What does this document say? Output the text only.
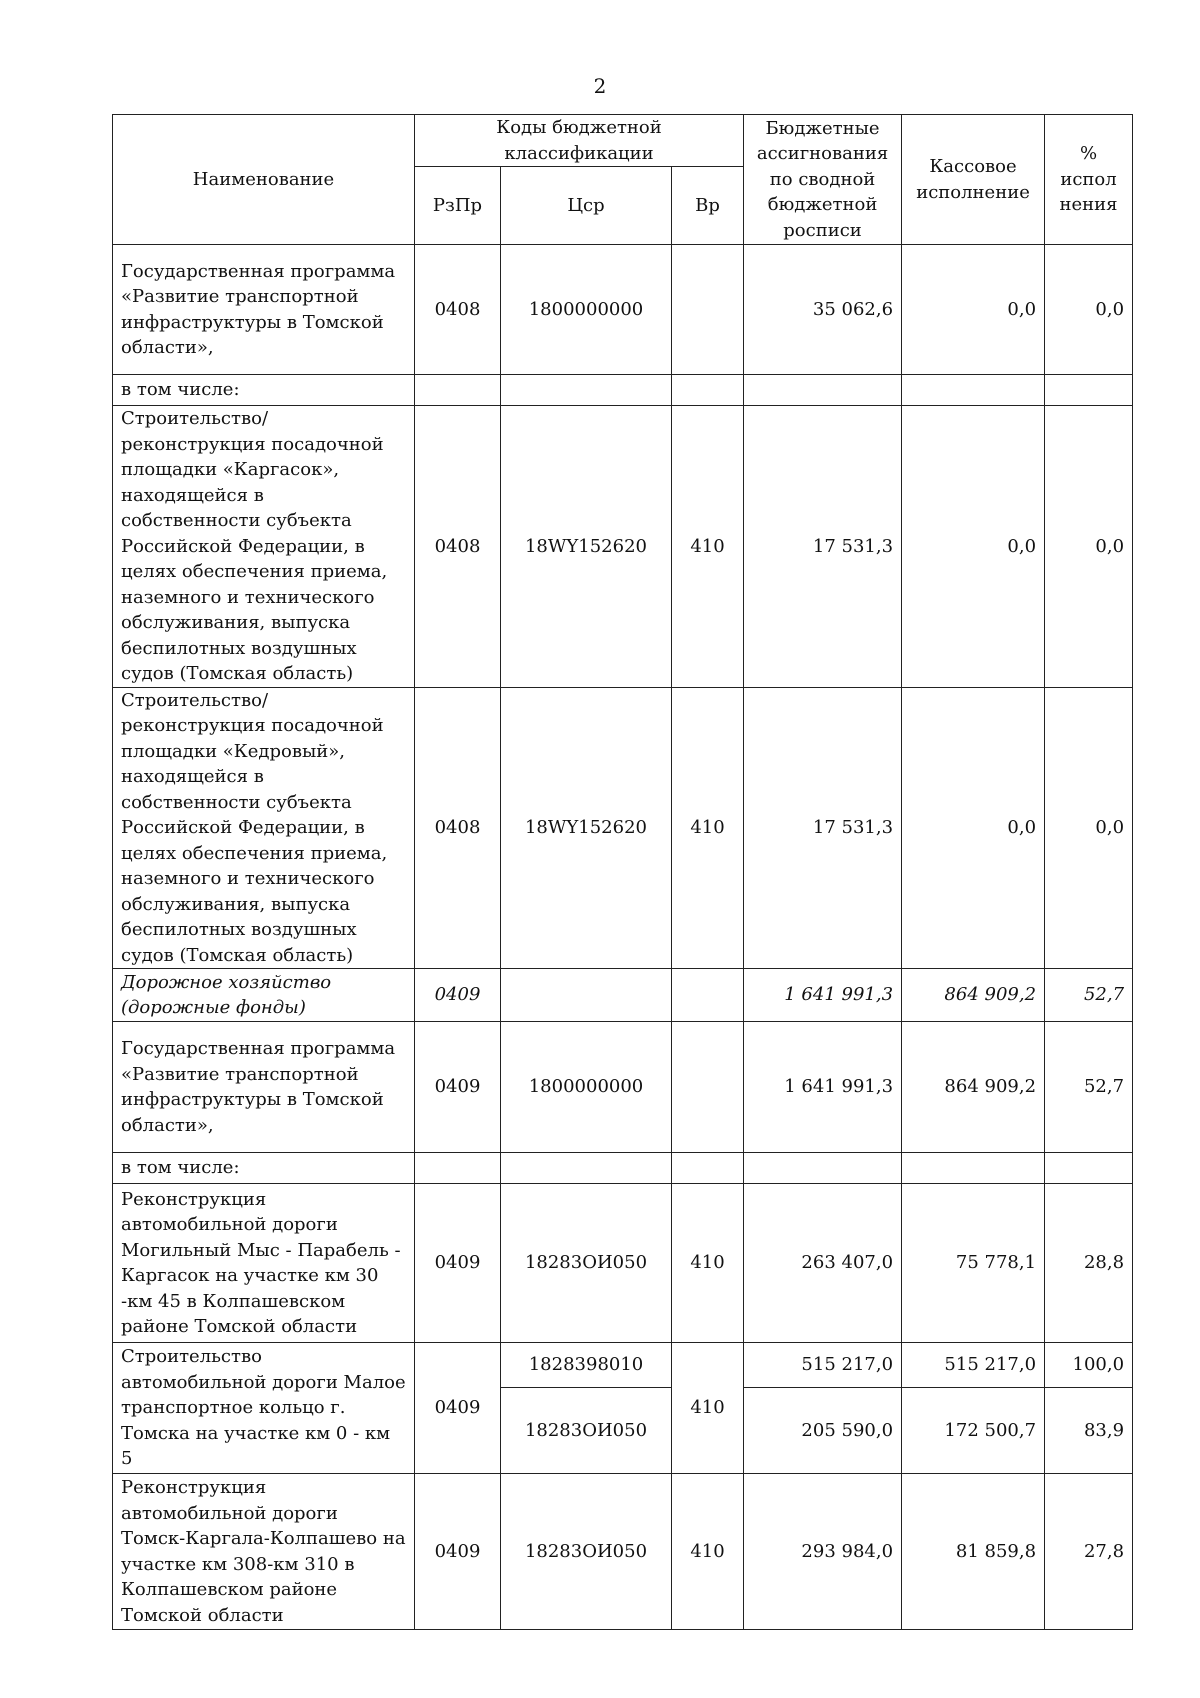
2
Наименование	Коды бюджетной классификации			Бюджетные ассигнования по сводной бюджетной росписи	Кассовое исполнение	% испол нения
	РзПр	Цср	Вр			
Государственная программа «Развитие транспортной инфраструктуры в Томской области»,	0408	1800000000		35 062,6	0,0	0,0
в том числе:						
Строительство/реконструкция посадочной площадки «Каргасок», находящейся в собственности субъекта Российской Федерации, в целях обеспечения приема, наземного и технического обслуживания, выпуска беспилотных воздушных судов (Томская область)	0408	18WY152620	410	17 531,3	0,0	0,0
Строительство/реконструкция посадочной площадки «Кедровый», находящейся в собственности субъекта Российской Федерации, в целях обеспечения приема, наземного и технического обслуживания, выпуска беспилотных воздушных судов (Томская область)	0408	18WY152620	410	17 531,3	0,0	0,0
Дорожное хозяйство (дорожные фонды)	0409			1 641 991,3	864 909,2	52,7
Государственная программа «Развитие транспортной инфраструктуры в Томской области»,	0409	1800000000		1 641 991,3	864 909,2	52,7
в том числе:						
Реконструкция автомобильной дороги Могильный Мыс - Парабель - Каргасок на участке км 30 -км 45 в Колпашевском районе Томской области	0409	18283ОИ050	410	263 407,0	75 778,1	28,8
Строительство автомобильной дороги Малое транспортное кольцо г. Томска на участке км 0 - км 5	0409	1828398010	410	515 217,0	515 217,0	100,0
		18283ОИ050		205 590,0	172 500,7	83,9
Реконструкция автомобильной дороги Томск-Каргала-Колпашево на участке км 308-км 310 в Колпашевском районе Томской области	0409	18283ОИ050	410	293 984,0	81 859,8	27,8
